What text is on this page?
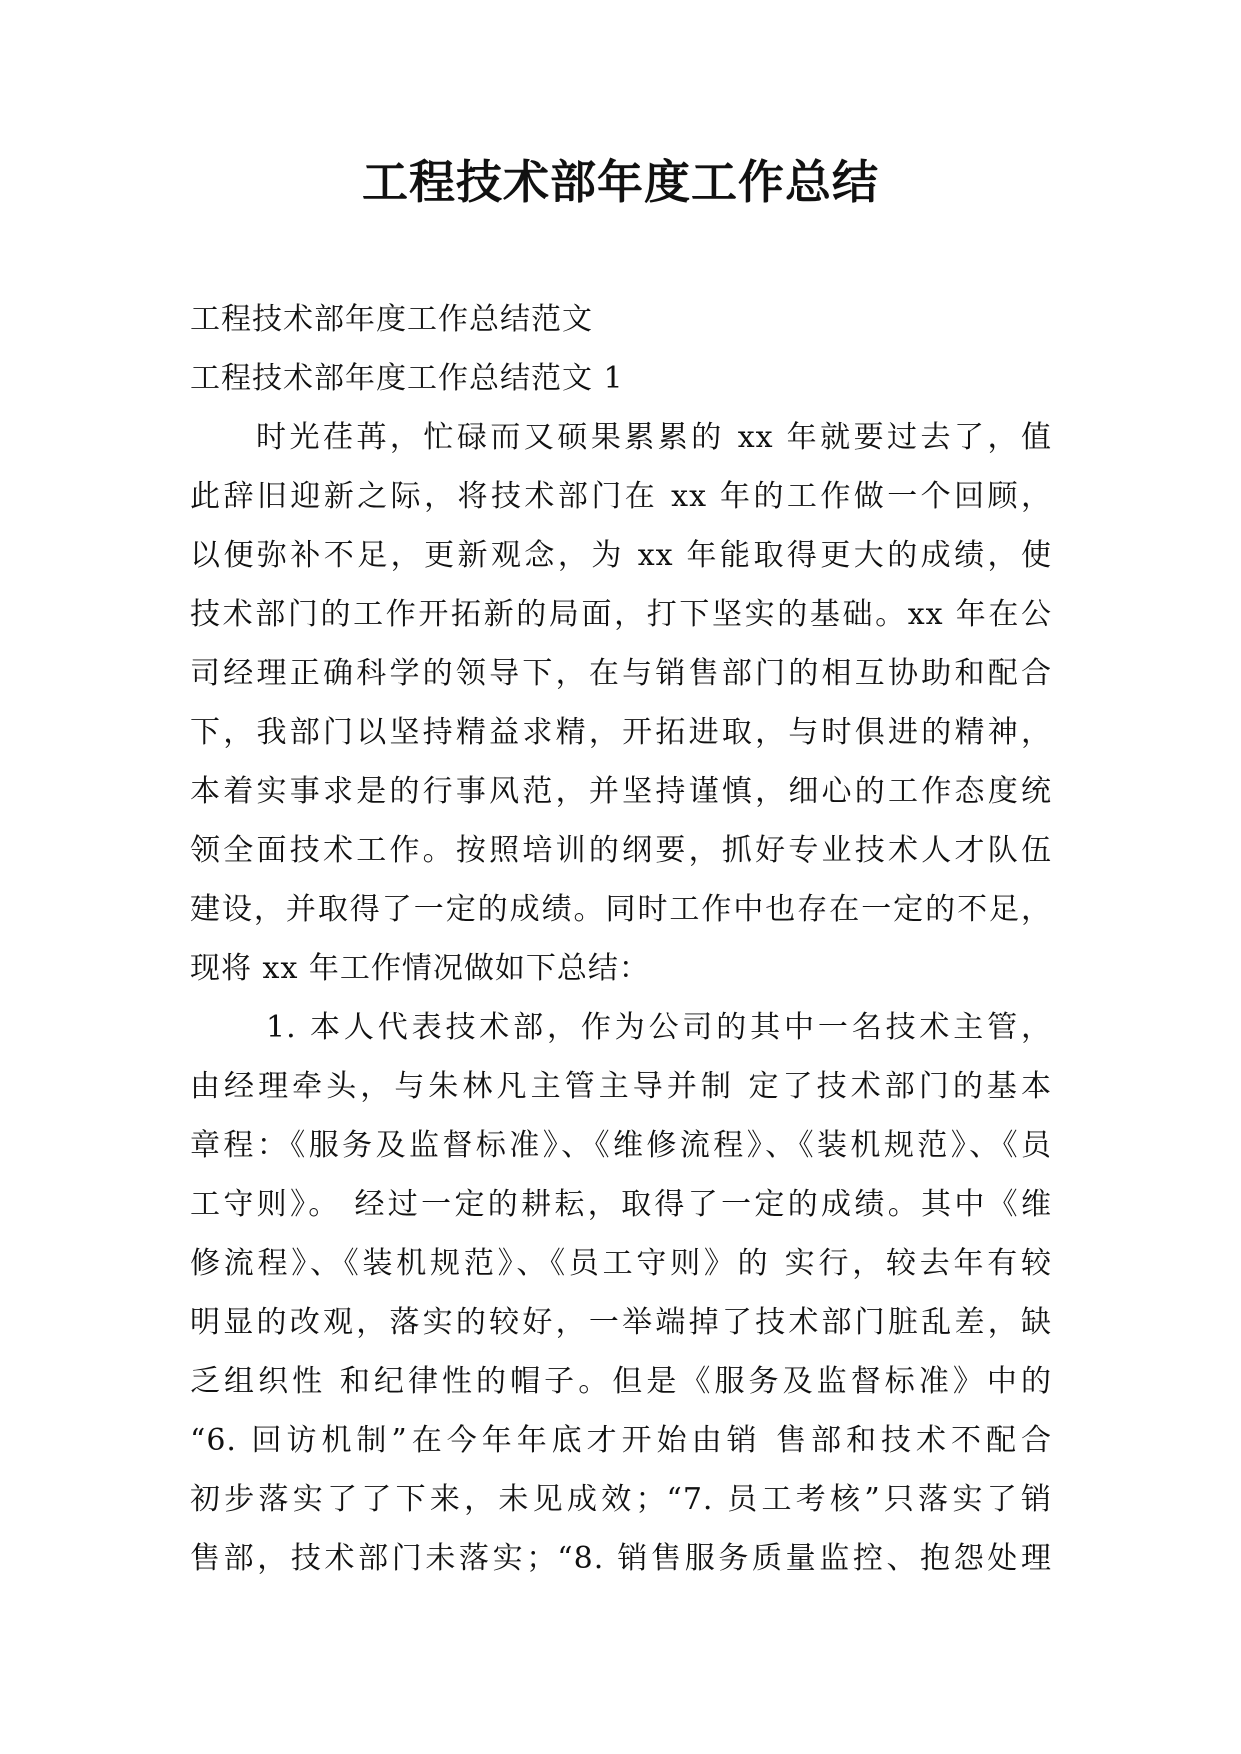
工程技术部年度工作总结
工程技术部年度工作总结范文
工程技术部年度工作总结范文 1
时光荏苒，忙碌而又硕果累累的 xx 年就要过去了，值
此辞旧迎新之际，将技术部门在 xx 年的工作做一个回顾，
以便弥补不足，更新观念，为 xx 年能取得更大的成绩，使
技术部门的工作开拓新的局面，打下坚实的基础。xx 年在公
司经理正确科学的领导下，在与销售部门的相互协助和配合
下，我部门以坚持精益求精，开拓进取，与时俱进的精神，
本着实事求是的行事风范，并坚持谨慎，细心的工作态度统
领全面技术工作。按照培训的纲要，抓好专业技术人才队伍
建设，并取得了一定的成绩。同时工作中也存在一定的不足，
现将 xx 年工作情况做如下总结：
1. 本人代表技术部，作为公司的其中一名技术主管，
由经理牵头，与朱林凡主管主导并制 定了技术部门的基本
章程：《服务及监督标准》、《维修流程》、《装机规范》、《员
工守则》。 经过一定的耕耘，取得了一定的成绩。其中《维
修流程》、《装机规范》、《员工守则》的 实行，较去年有较
明显的改观，落实的较好，一举端掉了技术部门脏乱差，缺
乏组织性 和纪律性的帽子。但是《服务及监督标准》中的
“6. 回访机制”在今年年底才开始由销 售部和技术不配合
初步落实了了下来，未见成效；“7. 员工考核”只落实了销
售部，技术部门未落实；“8. 销售服务质量监控、抱怨处理
